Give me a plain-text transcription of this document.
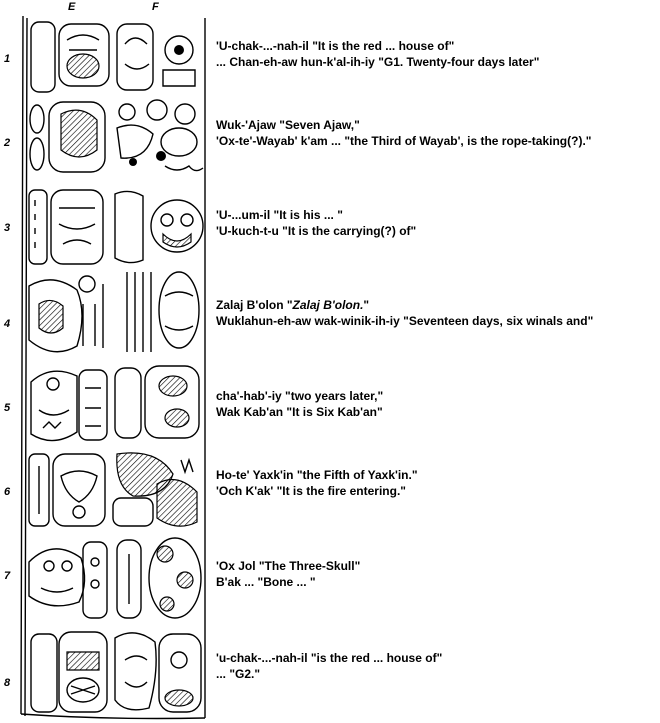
E	F
1
2
3
4
5
6
7
8
'U-chak-...-nah-il "It is the red ... house of"
... Chan-eh-aw hun-k'al-ih-iy "G1. Twenty-four days later"
Wuk-'Ajaw "Seven Ajaw,"
'Ox-te'-Wayab' k'am ... "the Third of Wayab', is the rope-taking(?)."
'U-...um-il "It is his ... "
'U-kuch-t-u "It is the carrying(?) of"
Zalaj B'olon "Zalaj B'olon."
Wuklahun-eh-aw wak-winik-ih-iy "Seventeen days, six winals and"
cha'-hab'-iy "two years later,"
Wak Kab'an "It is Six Kab'an"
Ho-te' Yaxk'in "the Fifth of Yaxk'in."
'Och K'ak' "It is the fire entering."
'Ox Jol "The Three-Skull"
B'ak ... "Bone ... "
'u-chak-...-nah-il "is the red ... house of"
... "G2."
